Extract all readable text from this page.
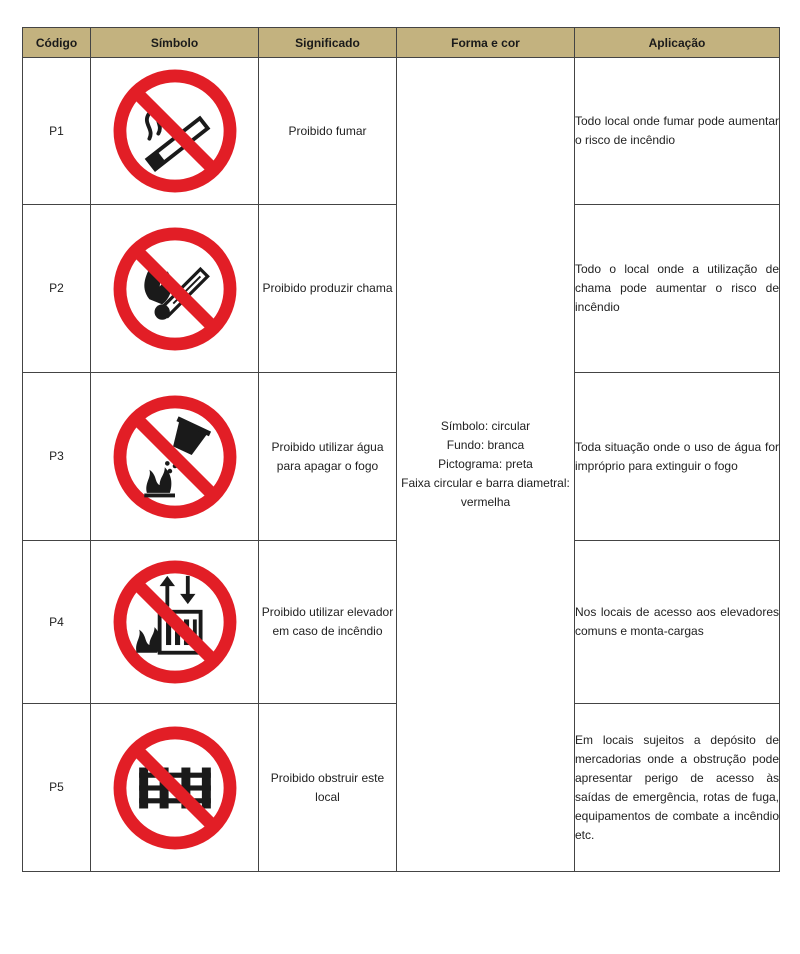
Código	Símbolo	Significado	Forma e cor	Aplicação
P1		Proibido fumar	Símbolo: circular
Fundo: branca
Pictograma: preta
Faixa circular e barra diametral: vermelha	Todo local onde fumar pode aumentar o risco de incêndio
P2		Proibido produzir chama		Todo o local onde a utilização de chama pode aumentar o risco de incêndio
P3		Proibido utilizar água para apagar o fogo		Toda situação onde o uso de água for impróprio para extinguir o fogo
P4		Proibido utilizar elevador em caso de incêndio		Nos locais de acesso aos elevadores comuns e monta-cargas
P5		Proibido obstruir este local		Em locais sujeitos a depósito de mercadorias onde a obstrução pode apresentar perigo de acesso às saídas de emergência, rotas de fuga, equipamentos de combate a incêndio etc.
